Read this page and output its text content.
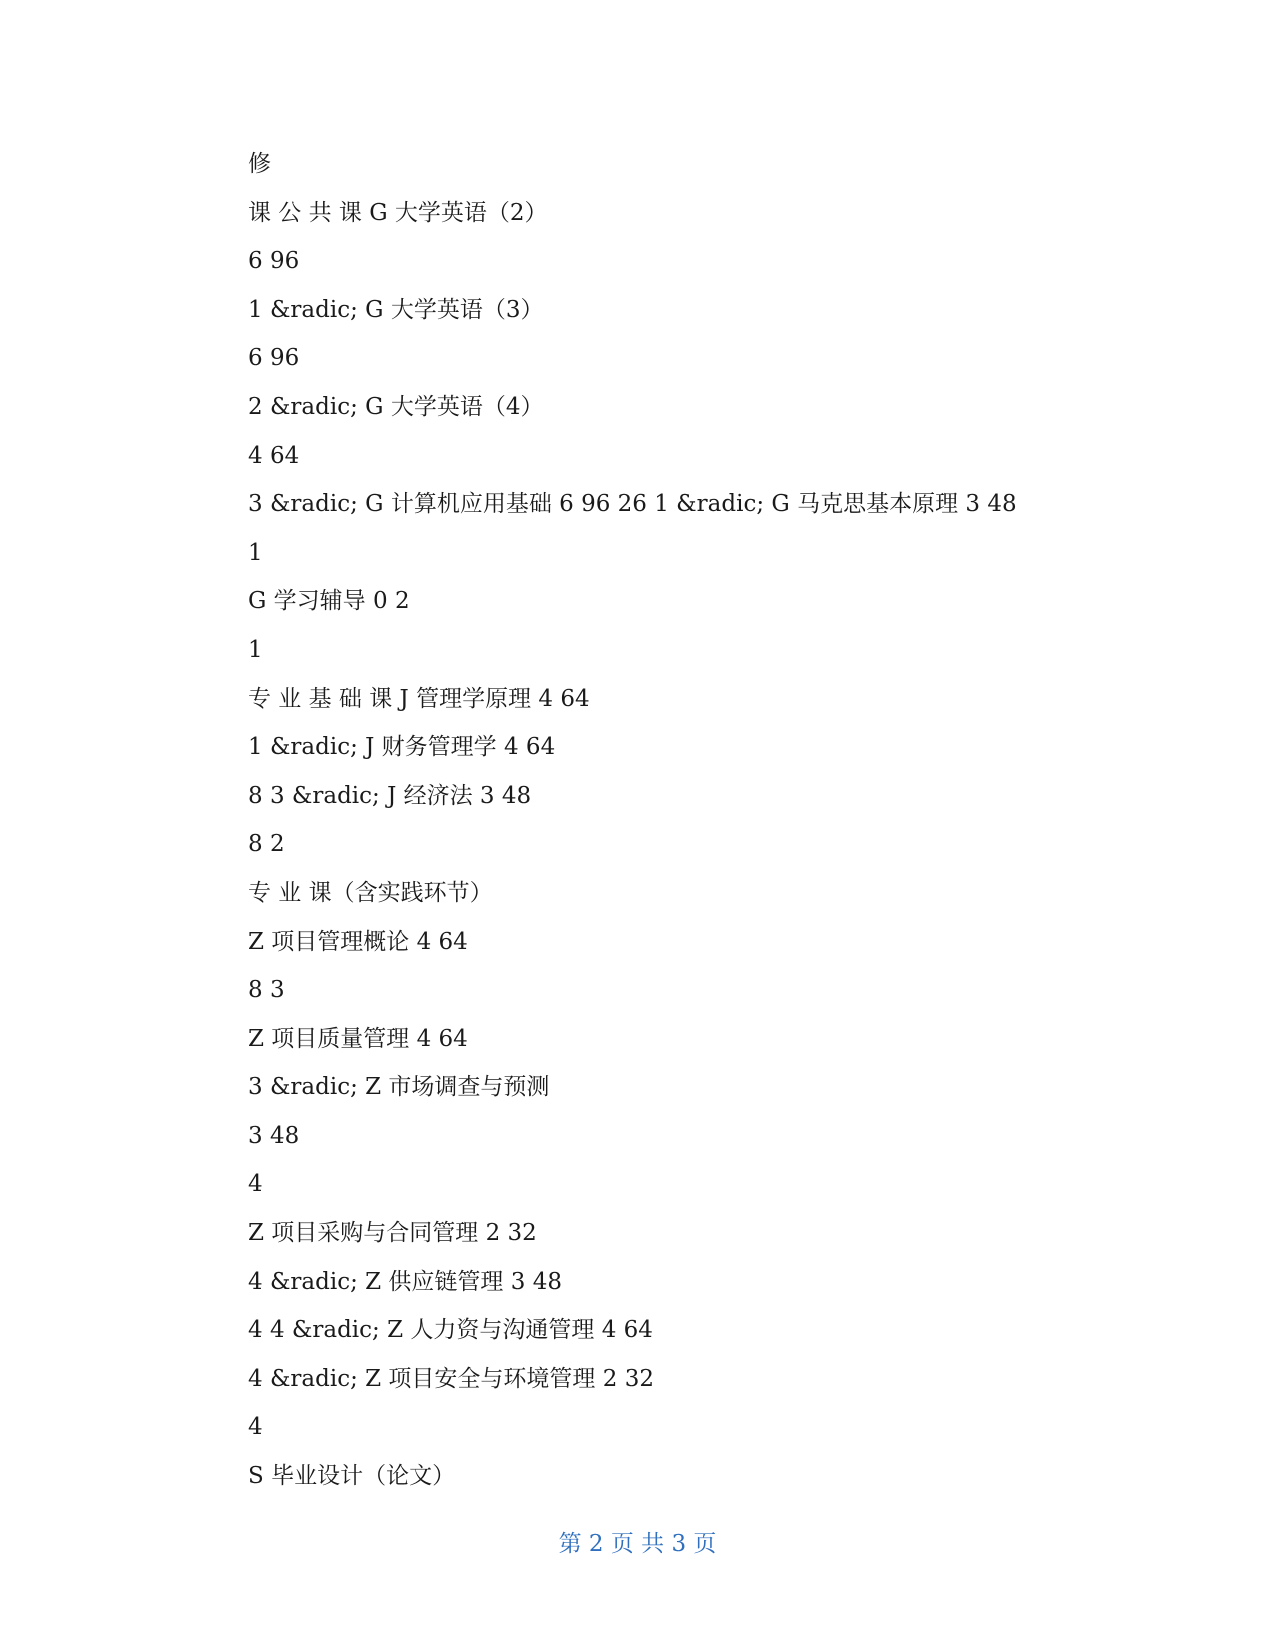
修
课 公 共 课 G 大学英语（2）
6 96
1 &radic; G 大学英语（3）
6 96
2 &radic; G 大学英语（4）
4 64
3 &radic; G 计算机应用基础 6 96 26 1 &radic; G 马克思基本原理 3 48
1
G 学习辅导 0 2
1
专 业 基 础 课 J 管理学原理 4 64
1 &radic; J 财务管理学 4 64
8 3 &radic; J 经济法 3 48
8 2
专 业 课（含实践环节）
Z 项目管理概论 4 64
8 3
Z 项目质量管理 4 64
3 &radic; Z 市场调查与预测
3 48
4
Z 项目采购与合同管理 2 32
4 &radic; Z 供应链管理 3 48
4 4 &radic; Z 人力资与沟通管理 4 64
4 &radic; Z 项目安全与环境管理 2 32
4
S 毕业设计（论文）
第 2 页 共 3 页
